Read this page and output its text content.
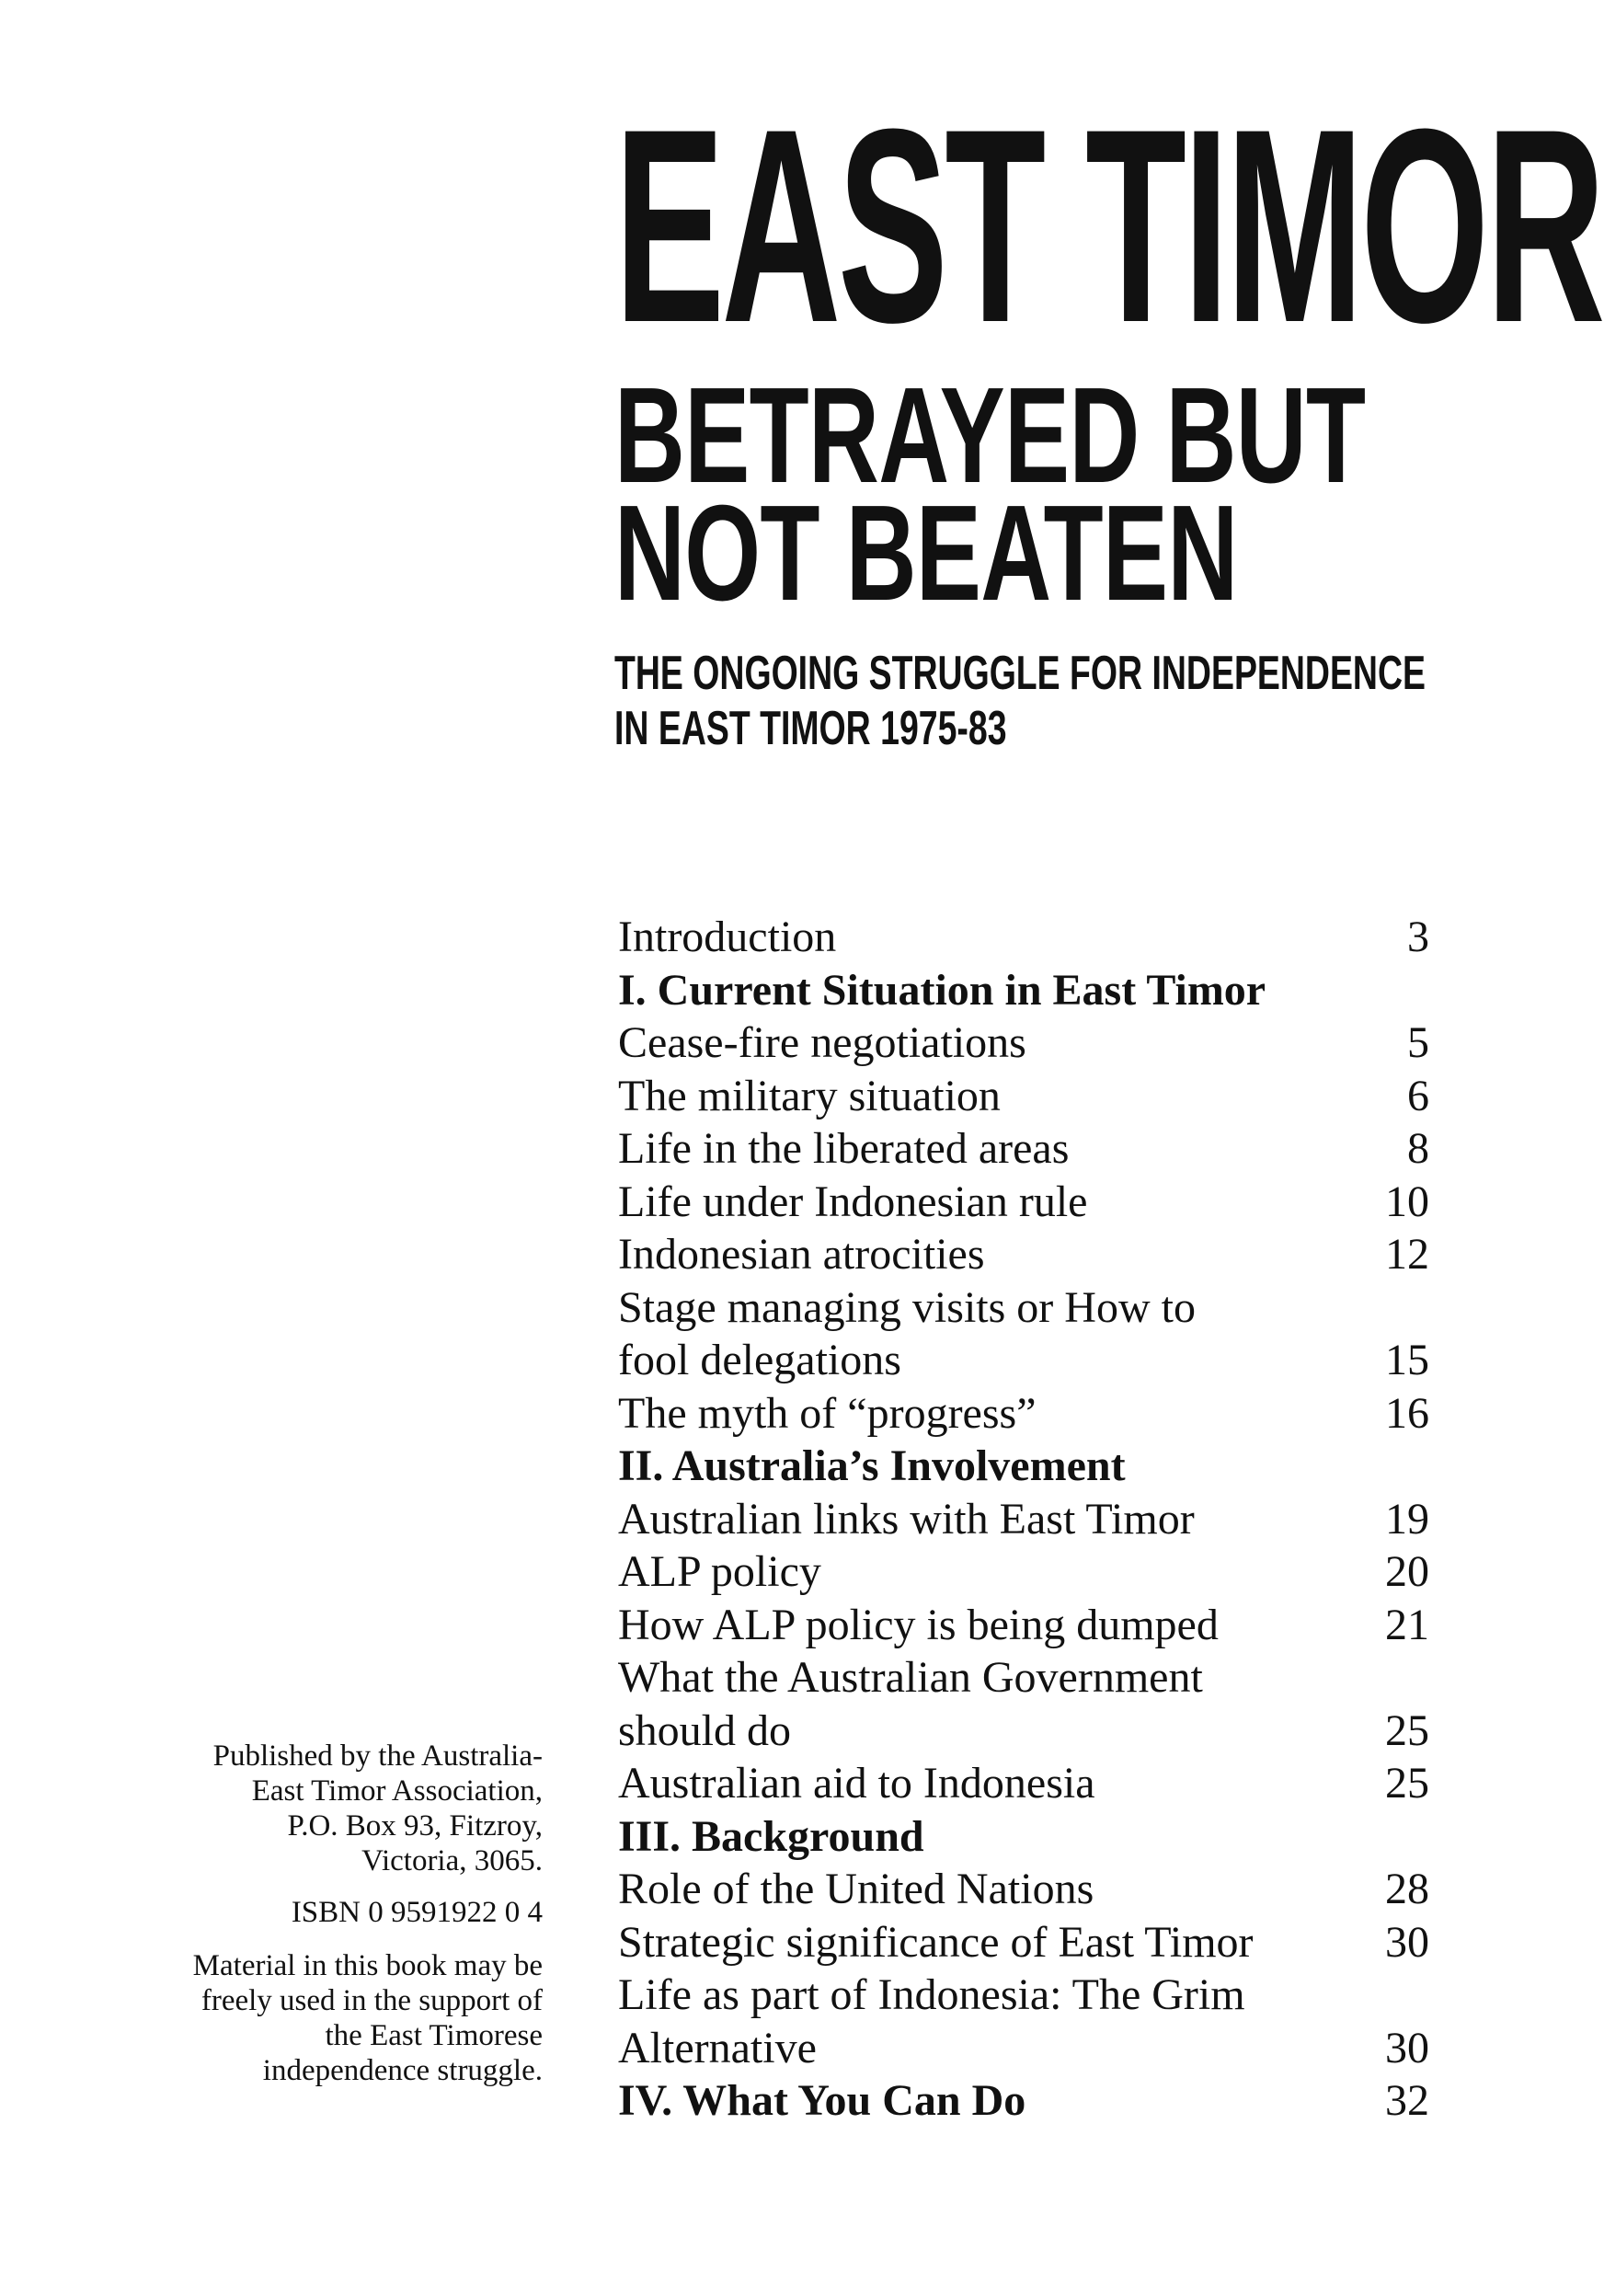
EAST TIMOR
BETRAYED BUT
NOT BEATEN
THE ONGOING STRUGGLE FOR INDEPENDENCE
IN EAST TIMOR 1975-83
Introduction	3
I. Current Situation in East Timor
Cease-fire negotiations	5
The military situation	6
Life in the liberated areas	8
Life under Indonesian rule	10
Indonesian atrocities	12
Stage managing visits or How to
fool delegations	15
The myth of “progress”	16
II. Australia’s Involvement
Australian links with East Timor	19
ALP policy	20
How ALP policy is being dumped	21
What the Australian Government
should do	25
Australian aid to Indonesia	25
III. Background
Role of the United Nations	28
Strategic significance of East Timor	30
Life as part of Indonesia: The Grim
Alternative	30
IV. What You Can Do	32

Published by the Australia-

East Timor Association,

P.O. Box 93, Fitzroy,

Victoria, 3065.

ISBN 0 9591922 0 4

Material in this book may be

freely used in the support of

the East Timorese

independence struggle.
